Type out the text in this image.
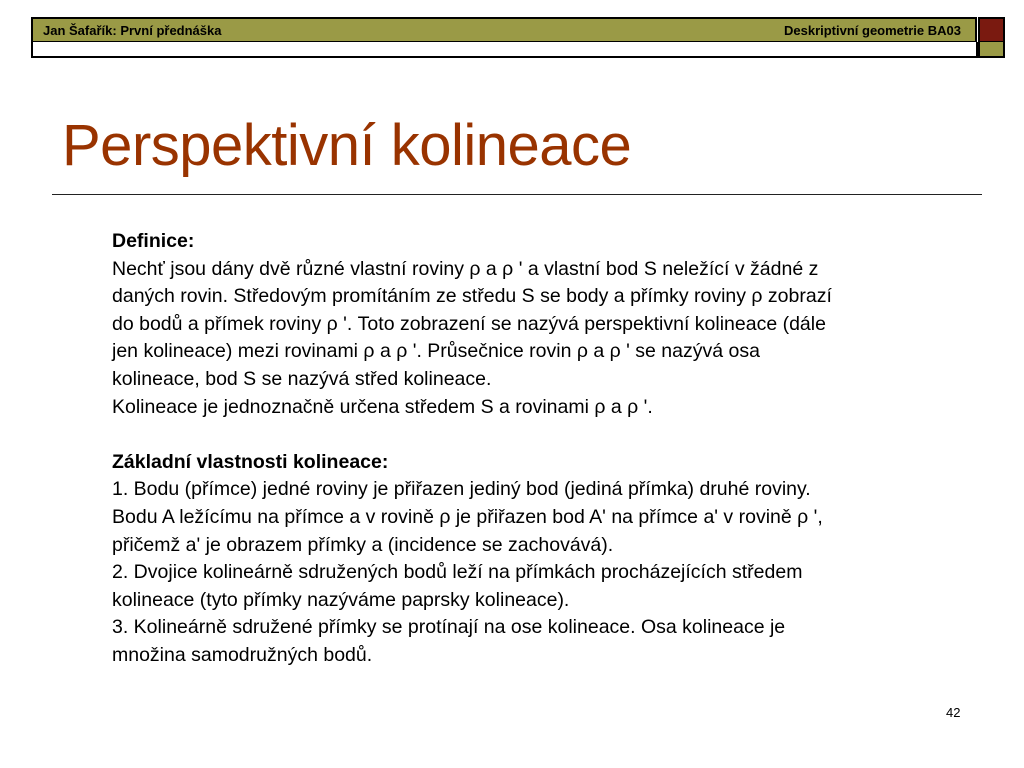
Jan Šafařík: První přednáška	Deskriptivní geometrie BA03
Perspektivní kolineace

Definice:

Nechť jsou dány dvě různé vlastní roviny ρ a ρ ' a vlastní bod S neležící v žádné z

daných rovin. Středovým promítáním ze středu S se body a přímky roviny ρ zobrazí

do bodů a přímek roviny ρ '. Toto zobrazení se nazývá perspektivní kolineace (dále

jen kolineace) mezi rovinami ρ a ρ '. Průsečnice rovin ρ a ρ ' se nazývá osa

kolineace, bod S se nazývá střed kolineace.

Kolineace je jednoznačně určena středem S a rovinami ρ a ρ '.

Základní vlastnosti kolineace:

1. Bodu (přímce) jedné roviny je přiřazen jediný bod (jediná přímka) druhé roviny.

Bodu A ležícímu na přímce a v rovině ρ je přiřazen bod A' na přímce a' v rovině ρ ',

přičemž a' je obrazem přímky a (incidence se zachovává).

2. Dvojice kolineárně sdružených bodů leží na přímkách procházejících středem

kolineace (tyto přímky nazýváme paprsky kolineace).

3. Kolineárně sdružené přímky se protínají na ose kolineace. Osa kolineace je

množina samodružných bodů.

42
